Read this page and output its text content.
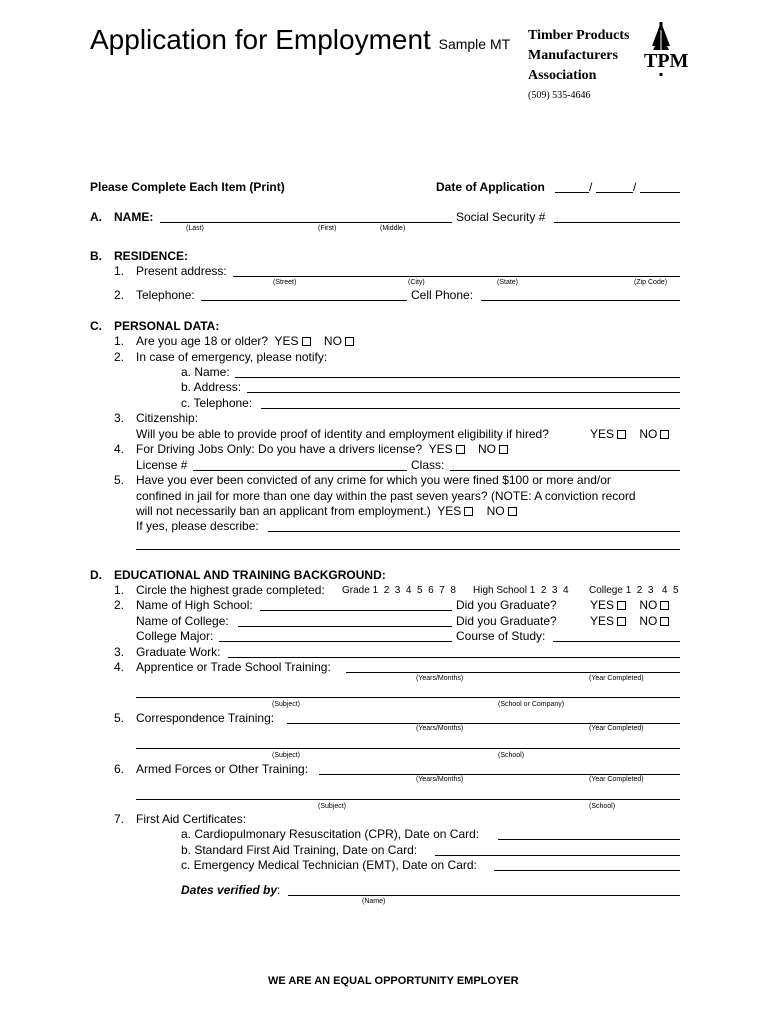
Application for Employment Sample MT
Timber Products
Manufacturers
Association
TPM
(509) 535-4646
Please Complete Each Item (Print)	Date of Application	/	/
A. NAME:	Social Security #
(Last)	(First)	(Middle)
B. RESIDENCE:
1. Present address:
(Street)	(City)	(State)	(Zip Code)
2. Telephone:	Cell Phone:
C. PERSONAL DATA:
1. Are you age 18 or older? YES NO
2. In case of emergency, please notify:
a. Name:
b. Address:
c. Telephone:
3. Citizenship:
Will you be able to provide proof of identity and employment eligibility if hired?	YES NO
4. For Driving Jobs Only: Do you have a drivers license? YES NO
License #	Class:
5. Have you ever been convicted of any crime for which you were fined $100 or more and/or
confined in jail for more than one day within the past seven years? (NOTE: A conviction record
will not necessarily ban an applicant from employment.) YES NO
If yes, please describe:
D. EDUCATIONAL AND TRAINING BACKGROUND:
1. Circle the highest grade completed: Grade 1  2  3  4  5  6  7  8 High School 1  2  3  4 College 1  2  3   4  5
2. Name of High School:	Did you Graduate?	YES NO
Name of College:	Did you Graduate?	YES NO
College Major:	Course of Study:
3. Graduate Work:
4. Apprentice or Trade School Training:
(Years/Months)	(Year Completed)
(Subject)	(School or Company)
5. Correspondence Training:
(Years/Months)	(Year Completed)
(Subject)	(School)
6. Armed Forces or Other Training:
(Years/Months)	(Year Completed)
(Subject)	(School)
7. First Aid Certificates:
a. Cardiopulmonary Resuscitation (CPR), Date on Card:
b. Standard First Aid Training, Date on Card:
c. Emergency Medical Technician (EMT), Date on Card:
Dates verified by:
(Name)
WE ARE AN EQUAL OPPORTUNITY EMPLOYER
